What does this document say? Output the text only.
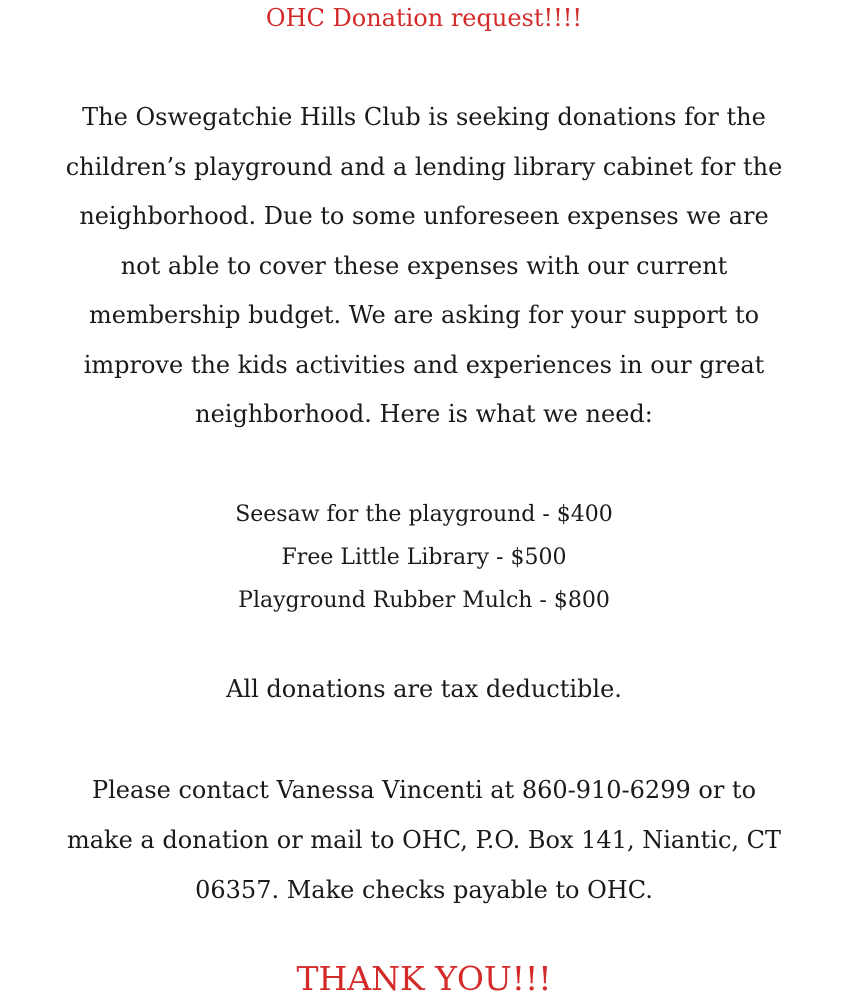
OHC Donation request!!!!

The Oswegatchie Hills Club is seeking donations for the

children’s playground and a lending library cabinet for the

neighborhood. Due to some unforeseen expenses we are

not able to cover these expenses with our current

membership budget. We are asking for your support to

improve the kids activities and experiences in our great

neighborhood. Here is what we need:

Seesaw for the playground - $400
Free Little Library - $500
Playground Rubber Mulch - $800
All donations are tax deductible.
Please contact Vanessa Vincenti at 860-910-6299 or to
make a donation or mail to OHC, P.O. Box 141, Niantic, CT
06357. Make checks payable to OHC.
THANK YOU!!!
